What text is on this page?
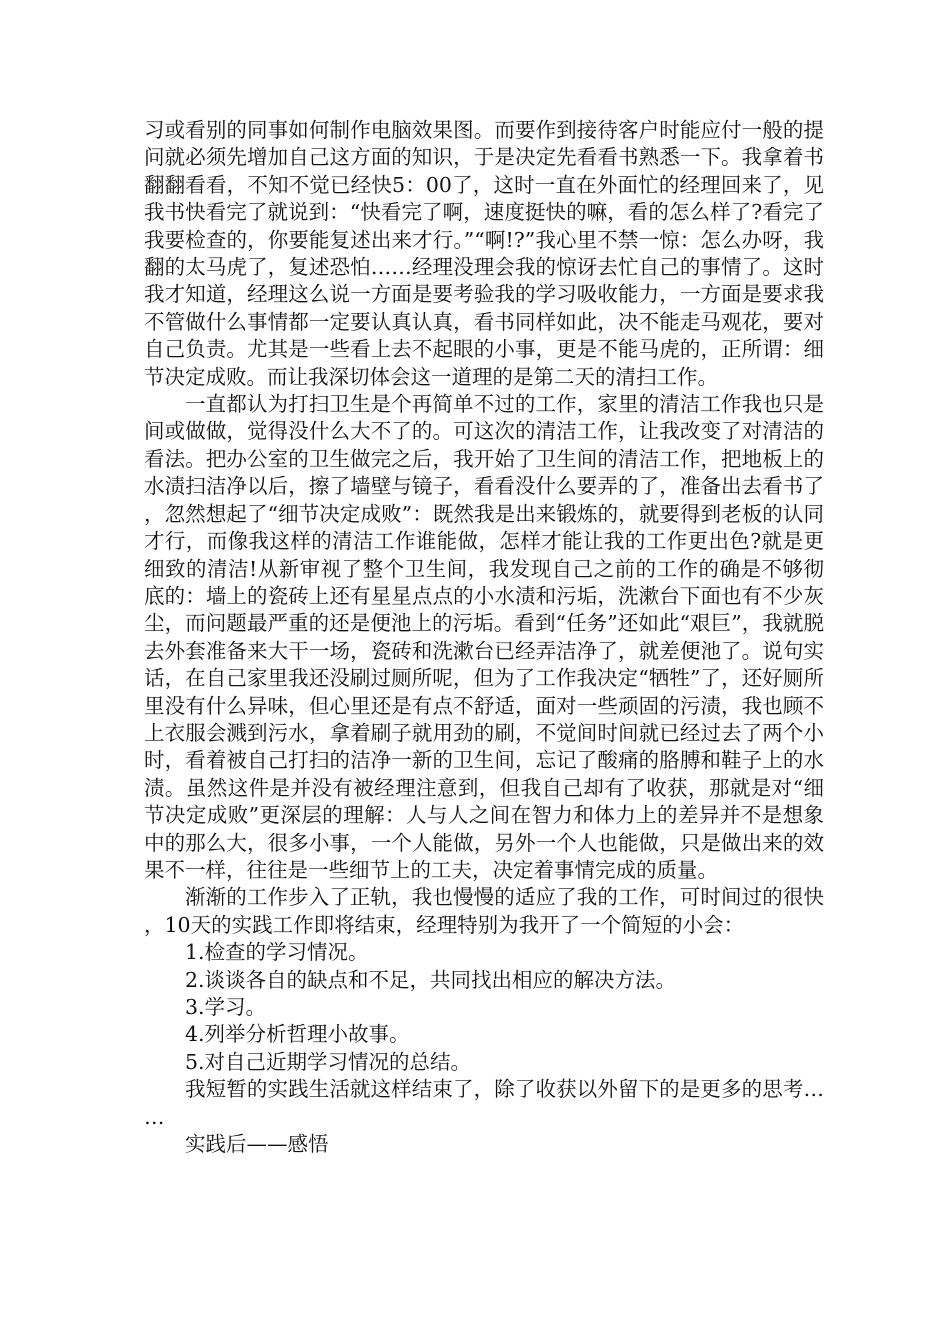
习或看别的同事如何制作电脑效果图。而要作到接待客户时能应付一般的提问就必须先增加自己这方面的知识，于是决定先看看书熟悉一下。我拿着书翻翻看看，不知不觉已经快5：00了，这时一直在外面忙的经理回来了，见我书快看完了就说到：“快看完了啊，速度挺快的嘛，看的怎么样了?看完了我要检查的，你要能复述出来才行。”“啊!?”我心里不禁一惊：怎么办呀，我翻的太马虎了，复述恐怕……经理没理会我的惊讶去忙自己的事情了。这时我才知道，经理这么说一方面是要考验我的学习吸收能力，一方面是要求我不管做什么事情都一定要认真认真，看书同样如此，决不能走马观花，要对自己负责。尤其是一些看上去不起眼的小事，更是不能马虎的，正所谓：细节决定成败。而让我深切体会这一道理的是第二天的清扫工作。

一直都认为打扫卫生是个再简单不过的工作，家里的清洁工作我也只是间或做做，觉得没什么大不了的。可这次的清洁工作，让我改变了对清洁的看法。把办公室的卫生做完之后，我开始了卫生间的清洁工作，把地板上的水渍扫洁净以后，擦了墙壁与镜子，看看没什么要弄的了，准备出去看书了，忽然想起了“细节决定成败”：既然我是出来锻炼的，就要得到老板的认同才行，而像我这样的清洁工作谁能做，怎样才能让我的工作更出色?就是更细致的清洁!从新审视了整个卫生间，我发现自己之前的工作的确是不够彻底的：墙上的瓷砖上还有星星点点的小水渍和污垢，洗漱台下面也有不少灰尘，而问题最严重的还是便池上的污垢。看到“任务”还如此“艰巨”，我就脱去外套准备来大干一场，瓷砖和洗漱台已经弄洁净了，就差便池了。说句实话，在自己家里我还没刷过厕所呢，但为了工作我决定“牺牲”了，还好厕所里没有什么异味，但心里还是有点不舒适，面对一些顽固的污渍，我也顾不上衣服会溅到污水，拿着刷子就用劲的刷，不觉间时间就已经过去了两个小时，看着被自己打扫的洁净一新的卫生间，忘记了酸痛的胳膊和鞋子上的水渍。虽然这件是并没有被经理注意到，但我自己却有了收获，那就是对“细节决定成败”更深层的理解：人与人之间在智力和体力上的差异并不是想象中的那么大，很多小事，一个人能做，另外一个人也能做，只是做出来的效果不一样，往往是一些细节上的工夫，决定着事情完成的质量。

渐渐的工作步入了正轨，我也慢慢的适应了我的工作，可时间过的很快，10天的实践工作即将结束，经理特别为我开了一个简短的小会：

1.检查的学习情况。

2.谈谈各自的缺点和不足，共同找出相应的解决方法。

3.学习。

4.列举分析哲理小故事。

5.对自己近期学习情况的总结。

我短暂的实践生活就这样结束了，除了收获以外留下的是更多的思考……

实践后——感悟
